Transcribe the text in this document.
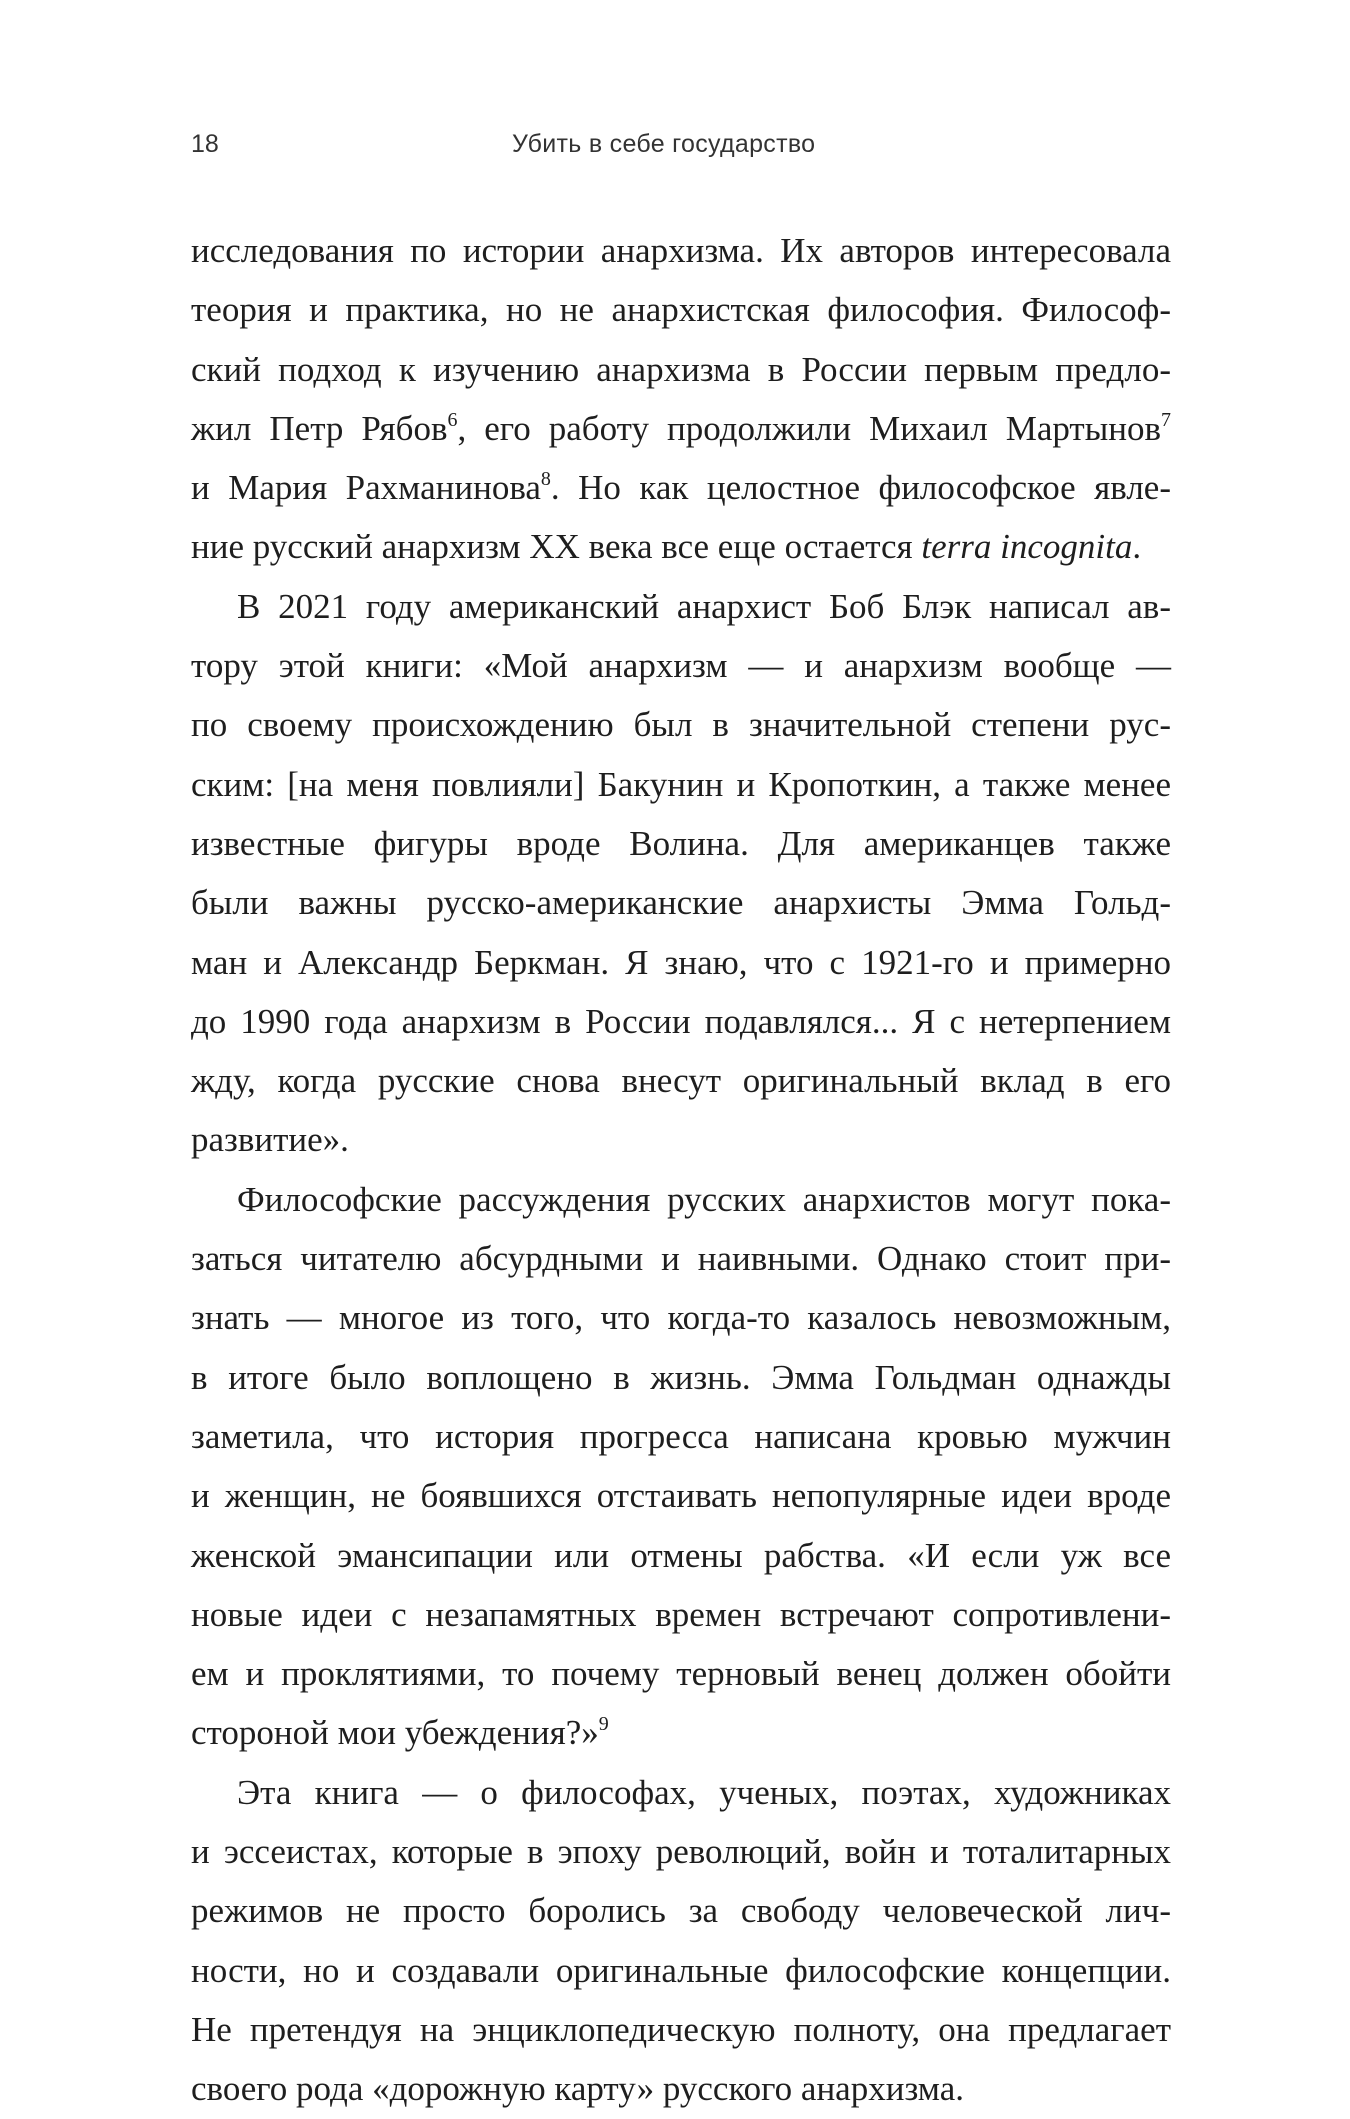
18	Убить в себе государство

исследования по истории анархизма. Их авторов интересовала
теория и практика, но не анархистская философия. Философ-
ский подход к изучению анархизма в России первым предло-
жил Петр Рябов$^6$, его работу продолжили Михаил Мартынов$^7$
и Мария Рахманинова$^8$. Но как целостное философское явле-
ние русский анархизм XX века все еще остается terra incognita.

В 2021 году американский анархист Боб Блэк написал ав-
тору этой книги: «Мой анархизм — и анархизм вообще —
по своему происхождению был в значительной степени рус-
ским: [на меня повлияли] Бакунин и Кропоткин, а также менее
известные фигуры вроде Волина. Для американцев также
были важны русско-американские анархисты Эмма Гольд-
ман и Александр Беркман. Я знаю, что с 1921-го и примерно
до 1990 года анархизм в России подавлялся... Я с нетерпением
жду, когда русские снова внесут оригинальный вклад в его
развитие».

Философские рассуждения русских анархистов могут пока-
заться читателю абсурдными и наивными. Однако стоит при-
знать — многое из того, что когда-то казалось невозможным,
в итоге было воплощено в жизнь. Эмма Гольдман однажды
заметила, что история прогресса написана кровью мужчин
и женщин, не боявшихся отстаивать непопулярные идеи вроде
женской эмансипации или отмены рабства. «И если уж все
новые идеи с незапамятных времен встречают сопротивлени-
ем и проклятиями, то почему терновый венец должен обойти
стороной мои убеждения?»$^9$

Эта книга — о философах, ученых, поэтах, художниках
и эссеистах, которые в эпоху революций, войн и тоталитарных
режимов не просто боролись за свободу человеческой лич-
ности, но и создавали оригинальные философские концепции.
Не претендуя на энциклопедическую полноту, она предлагает
своего рода «дорожную карту» русского анархизма.
